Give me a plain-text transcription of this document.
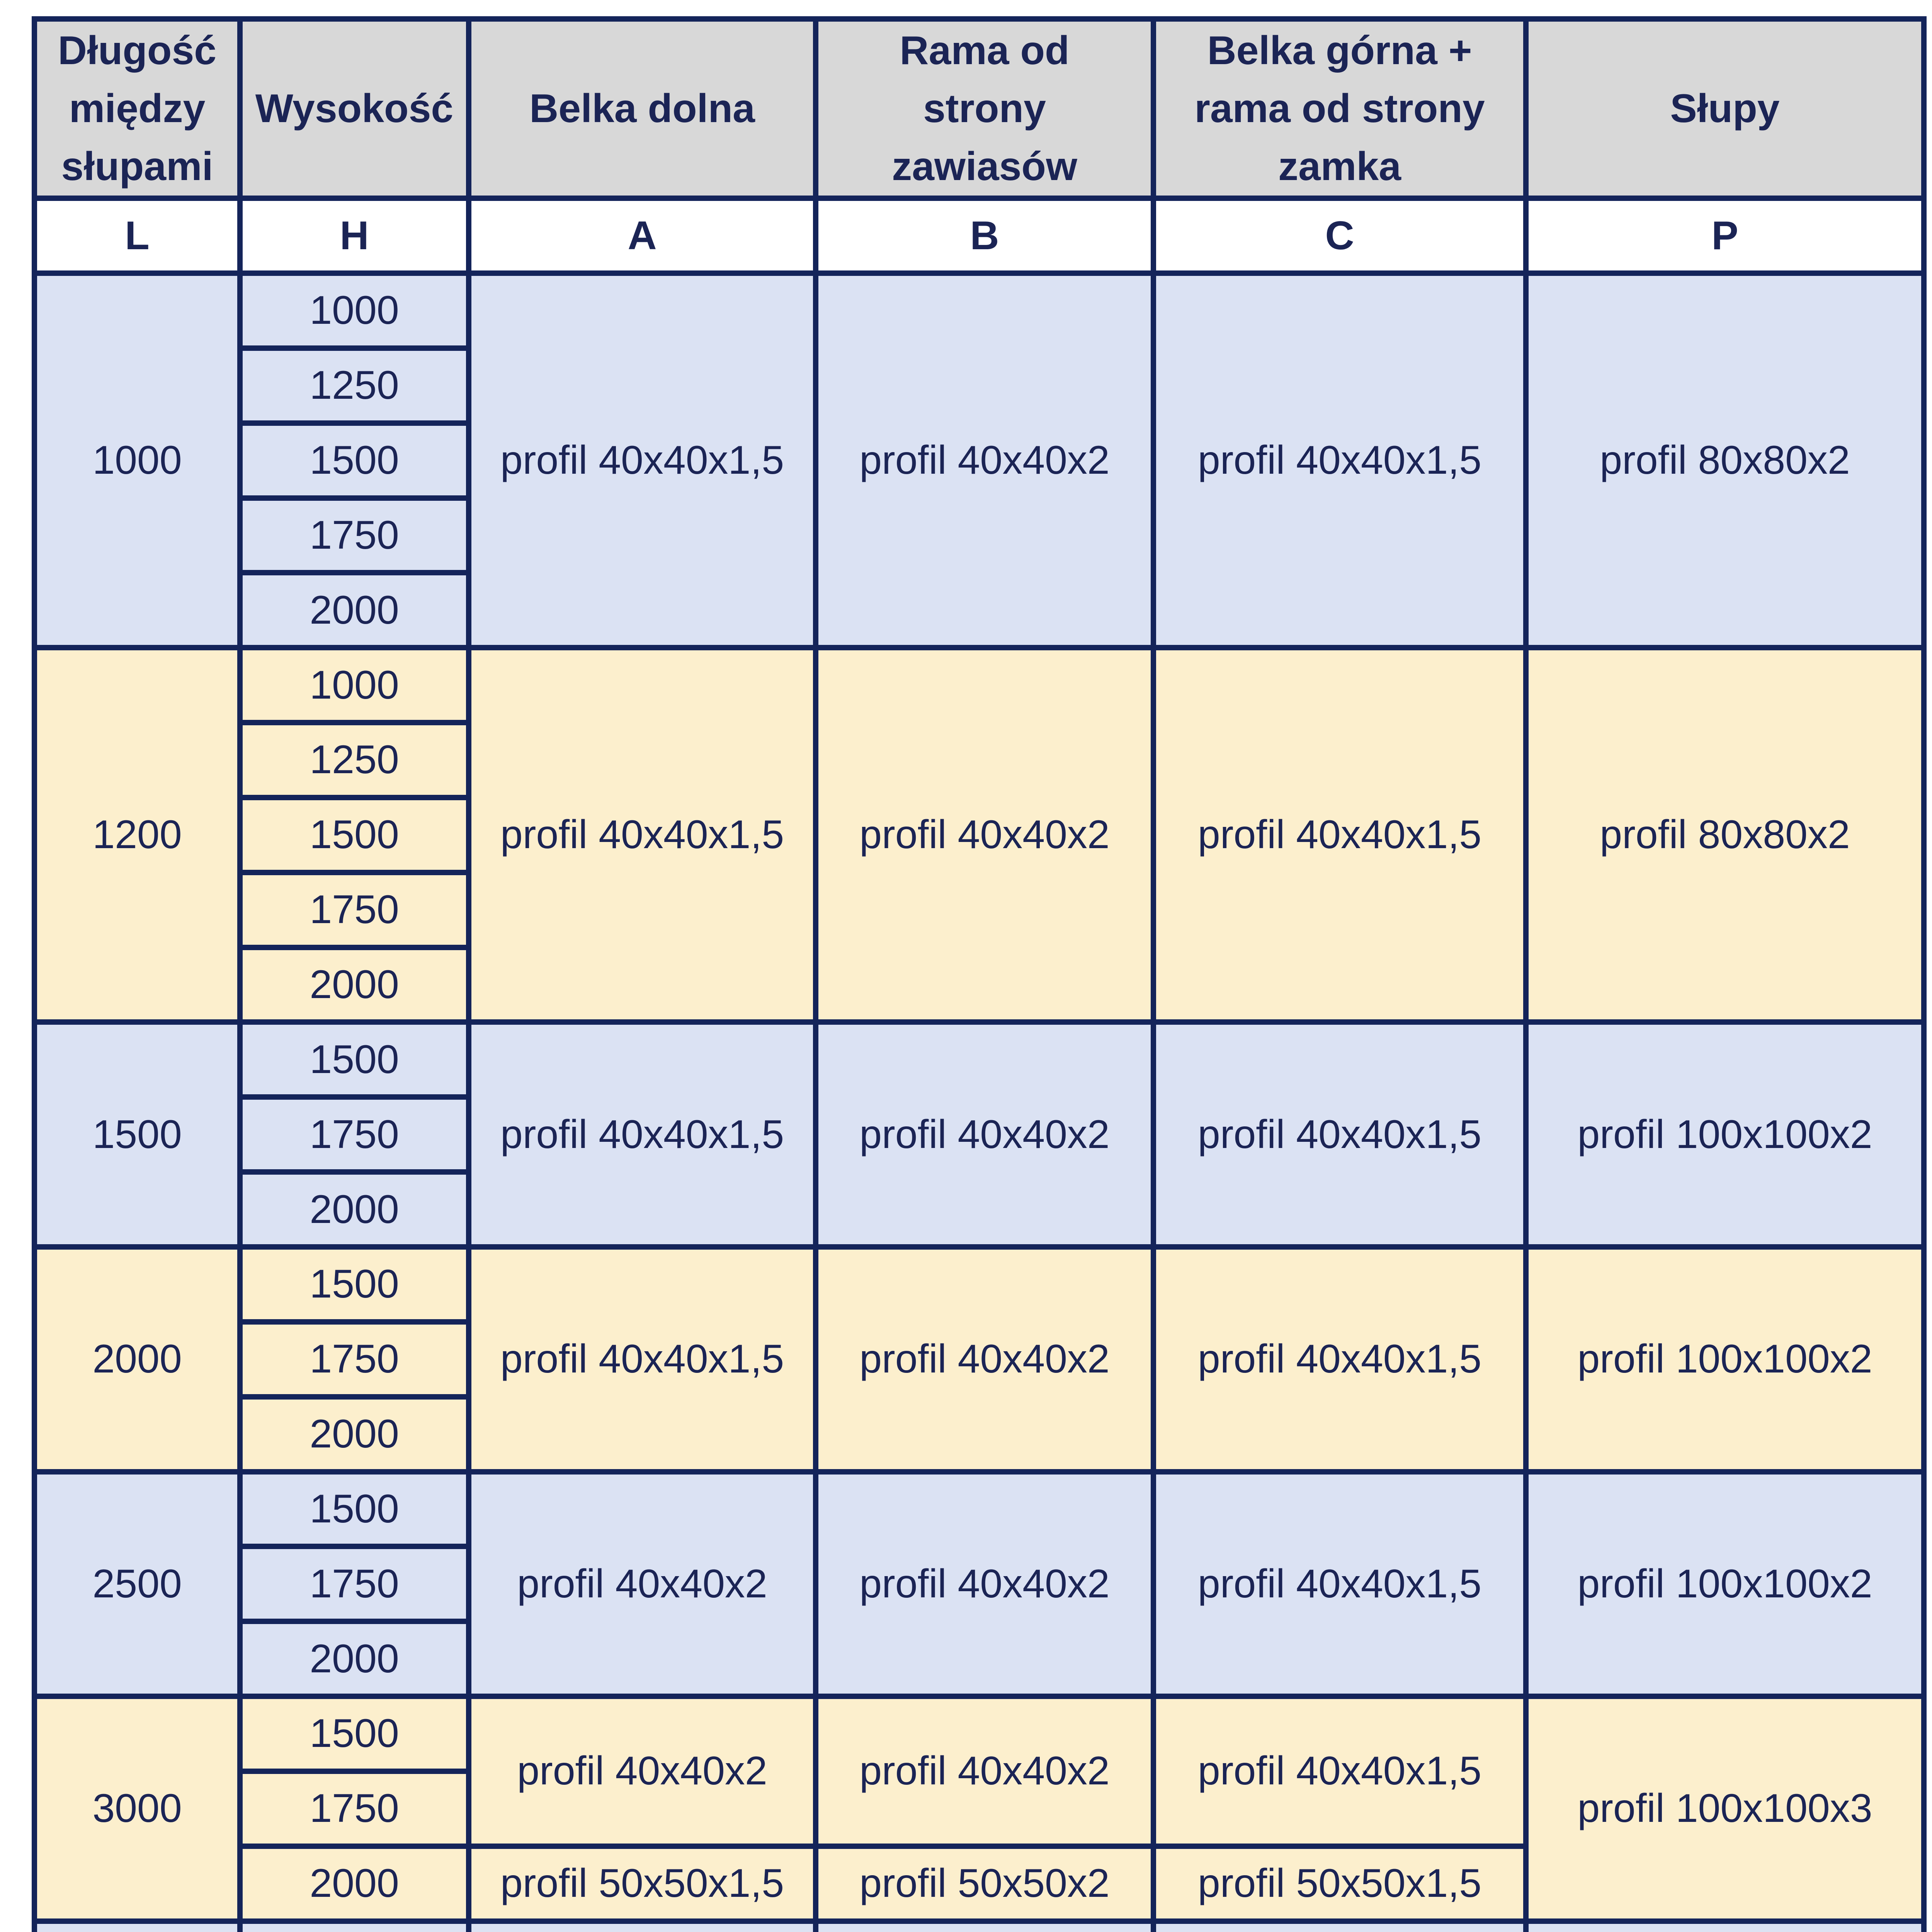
Długość
między
słupami	Wysokość	Belka dolna	Rama od
strony
zawiasów	Belka górna +
rama od strony
zamka	Słupy
L	H	A	B	C	P
1000	1000	profil 40x40x1,5	profil 40x40x2	profil 40x40x1,5	profil 80x80x2
	1250				
	1500				
	1750				
	2000				
1200	1000	profil 40x40x1,5	profil 40x40x2	profil 40x40x1,5	profil 80x80x2
	1250				
	1500				
	1750				
	2000				
1500	1500	profil 40x40x1,5	profil 40x40x2	profil 40x40x1,5	profil 100x100x2
	1750				
	2000				
2000	1500	profil 40x40x1,5	profil 40x40x2	profil 40x40x1,5	profil 100x100x2
	1750				
	2000				
2500	1500	profil 40x40x2	profil 40x40x2	profil 40x40x1,5	profil 100x100x2
	1750				
	2000				
3000	1500	profil 40x40x2	profil 40x40x2	profil 40x40x1,5	profil 100x100x3
	1750				
	2000	profil 50x50x1,5	profil 50x50x2	profil 50x50x1,5	
